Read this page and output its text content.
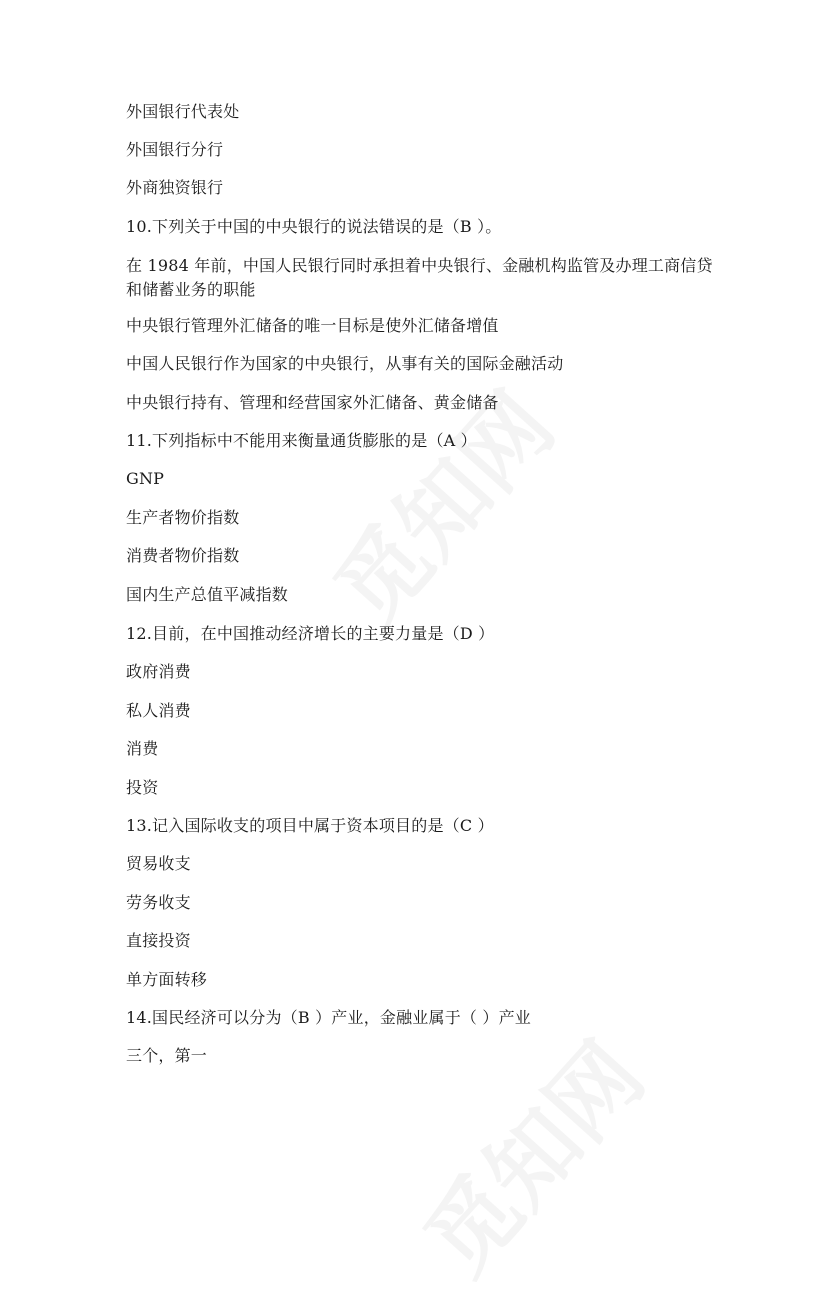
外国银行代表处
外国银行分行
外商独资银行
10.下列关于中国的中央银行的说法错误的是（B ）。
在 1984 年前，中国人民银行同时承担着中央银行、金融机构监管及办理工商信贷和储蓄业务的职能
中央银行管理外汇储备的唯一目标是使外汇储备增值
中国人民银行作为国家的中央银行，从事有关的国际金融活动
中央银行持有、管理和经营国家外汇储备、黄金储备
11.下列指标中不能用来衡量通货膨胀的是（A ）
GNP
生产者物价指数
消费者物价指数
国内生产总值平减指数
12.目前，在中国推动经济增长的主要力量是（D ）
政府消费
私人消费
消费
投资
13.记入国际收支的项目中属于资本项目的是（C ）
贸易收支
劳务收支
直接投资
单方面转移
14.国民经济可以分为（B ）产业，金融业属于（ ）产业
三个，第一
